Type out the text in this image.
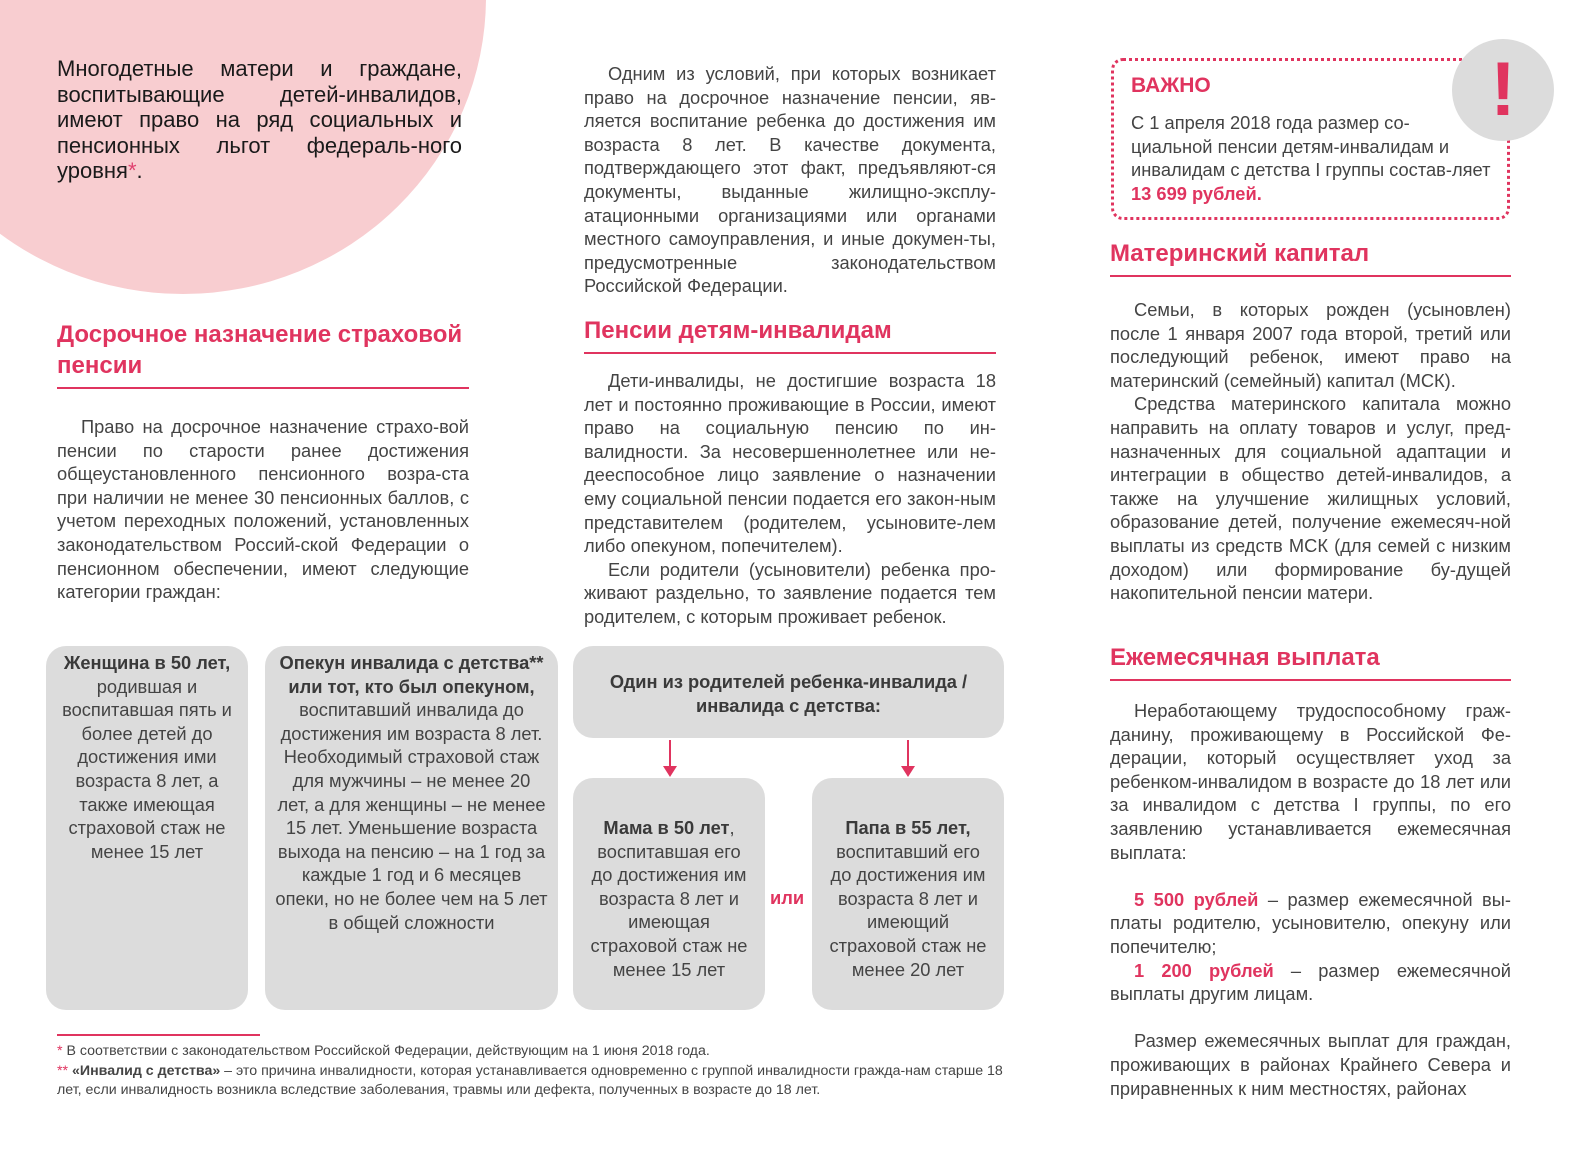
Многодетные матери и граждане, воспитывающие детей-инвалидов, имеют право на ряд социальных и пенсионных льгот федераль-ного уровня*.
Досрочное назначение страховой пенсии

Право на досрочное назначение страхо-вой пенсии по старости ранее достижения общеустановленного пенсионного возра-ста при наличии не менее 30 пенсионных баллов, с учетом переходных положений, установленных законодательством Россий-ской Федерации о пенсионном обеспечении, имеют следующие категории граждан:

Одним из условий, при которых возникает право на досрочное назначение пенсии, яв-ляется воспитание ребенка до достижения им возраста 8 лет. В качестве документа, подтверждающего этот факт, предъявляют-ся документы, выданные жилищно-эксплу-атационными организациями или органами местного самоуправления, и иные докумен-ты, предусмотренные законодательством Российской Федерации.

Пенсии детям-инвалидам

Дети-инвалиды, не достигшие возраста 18 лет и постоянно проживающие в России, имеют право на социальную пенсию по ин-валидности. За несовершеннолетнее или не-дееспособное лицо заявление о назначении ему социальной пенсии подается его закон-ным представителем (родителем, усыновите-лем либо опекуном, попечителем).

Если родители (усыновители) ребенка про-живают раздельно, то заявление подается тем родителем, с которым проживает ребенок.

Женщина в 50 лет, родившая и воспитавшая пять и более детей до достижения ими возраста 8 лет, а также имеющая страховой стаж не менее 15 лет
Опекун инвалида с детства** или тот, кто был опекуном,
воспитавший инвалида до достижения им возраста 8 лет. Необходимый страховой стаж для мужчины – не менее 20 лет, а для женщины – не менее 15 лет. Уменьшение возраста выхода на пенсию – на 1 год за каждые 1 год и 6 месяцев опеки, но не более чем на 5 лет в общей сложности
Один из родителей ребенка-инвалида / инвалида с детства:
Мама в 50 лет, воспитавшая его до достижения им возраста 8 лет и имеющая страховой стаж не менее 15 лет
или
Папа в 55 лет, воспитавший его до достижения им возраста 8 лет и имеющий страховой стаж не менее 20 лет
ВАЖНО
С 1 апреля 2018 года размер со-циальной пенсии детям-инвалидам и инвалидам с детства I группы состав-ляет 13 699 рублей.
!
Материнский капитал

Семьи, в которых рожден (усыновлен) после 1 января 2007 года второй, третий или последующий ребенок, имеют право на материнский (семейный) капитал (МСК).

Средства материнского капитала можно направить на оплату товаров и услуг, пред-назначенных для социальной адаптации и интеграции в общество детей-инвалидов, а также на улучшение жилищных условий, образование детей, получение ежемесяч-ной выплаты из средств МСК (для семей с низким доходом) или формирование бу-дущей накопительной пенсии матери.

Ежемесячная выплата

Неработающему трудоспособному граж-данину, проживающему в Российской Фе-дерации, который осуществляет уход за ребенком-инвалидом в возрасте до 18 лет или за инвалидом с детства I группы, по его заявлению устанавливается ежемесячная выплата:

5 500 рублей – размер ежемесячной вы-платы родителю, усыновителю, опекуну или попечителю;

1 200 рублей – размер ежемесячной выплаты другим лицам.

Размер ежемесячных выплат для граждан, проживающих в районах Крайнего Севера и приравненных к ним местностях, районах

* В соответствии с законодательством Российской Федерации, действующим на 1 июня 2018 года.
** «Инвалид с детства» – это причина инвалидности, которая устанавливается одновременно с группой инвалидности гражда-нам старше 18 лет, если инвалидность возникла вследствие заболевания, травмы или дефекта, полученных в возрасте до 18 лет.
